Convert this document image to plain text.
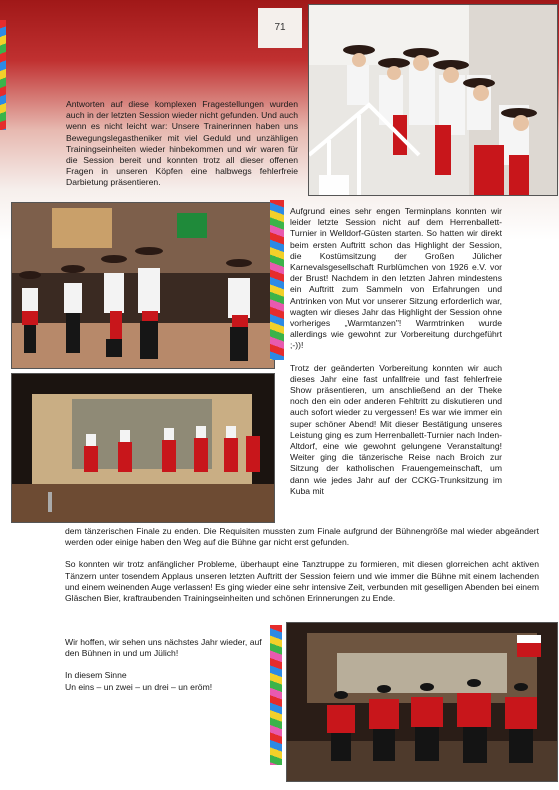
71

Antworten auf diese komplexen Fragestellungen wurden auch in der letzten Session wieder nicht gefunden. Und auch wenn es nicht leicht war: Unsere Trainerinnen haben uns Bewegungslegastheniker mit viel Geduld und unzähligen Trainingseinheiten wieder hinbekommen und wir waren für die Session bereit und konnten trotz all dieser offenen Fragen in unseren Köpfen eine halbwegs fehlerfreie Darbietung präsentieren.

Aufgrund eines sehr engen Terminplans konnten wir leider letzte Session nicht auf dem Herrenballett-Turnier in Welldorf-Güsten starten. So hatten wir direkt beim ersten Auftritt schon das Highlight der Session, die Kostümsitzung der Großen Jülicher Karnevalsgesellschaft Rurblümchen von 1926 e.V. vor der Brust! Nachdem in den letzten Jahren mindestens ein Auftritt zum Sammeln von Erfahrungen und Antrinken von Mut vor unserer Sitzung erforderlich war, wagten wir dieses Jahr das Highlight der Session ohne vorheriges „Warmtanzen"! Warmtrinken wurde allerdings wie gewohnt zur Vorbereitung durchgeführt ;-))!

Trotz der geänderten Vorbereitung konnten wir auch dieses Jahr eine fast unfallfreie und fast fehlerfreie Show präsentieren, um anschließend an der Theke noch den ein oder anderen Fehltritt zu diskutieren und auch sofort wieder zu vergessen! Es war wie immer ein super schöner Abend! Mit dieser Bestätigung unseres Leistung ging es zum Herrenballett-Turnier nach Inden-Altdorf, eine wie gewohnt gelungene Veranstaltung! Weiter ging die tänzerische Reise nach Broich zur Sitzung der katholischen Frauengemeinschaft, um dann wie jedes Jahr auf der CCKG-Trunksitzung im Kuba mit

dem tänzerischen Finale zu enden. Die Requisiten mussten zum Finale aufgrund der Bühnengröße mal wieder abgeändert werden oder einige haben den Weg auf die Bühne gar nicht erst gefunden.

So konnten wir trotz anfänglicher Probleme, überhaupt eine Tanztruppe zu formieren, mit diesen glorreichen acht aktiven Tänzern unter tosendem Applaus unseren letzten Auftritt der Session feiern und wie immer die Bühne mit einem lachenden und einem weinenden Auge verlassen! Es ging wieder eine sehr intensive Zeit, verbunden mit geselligen Abenden bei einem Gläschen Bier, kraftraubenden Trainingseinheiten und schönen Erinnerungen zu Ende.

Wir hoffen, wir sehen uns nächstes Jahr wieder, auf den Bühnen in und um Jülich!

In diesem Sinne

Un eins – un zwei – un drei – un eröm!
